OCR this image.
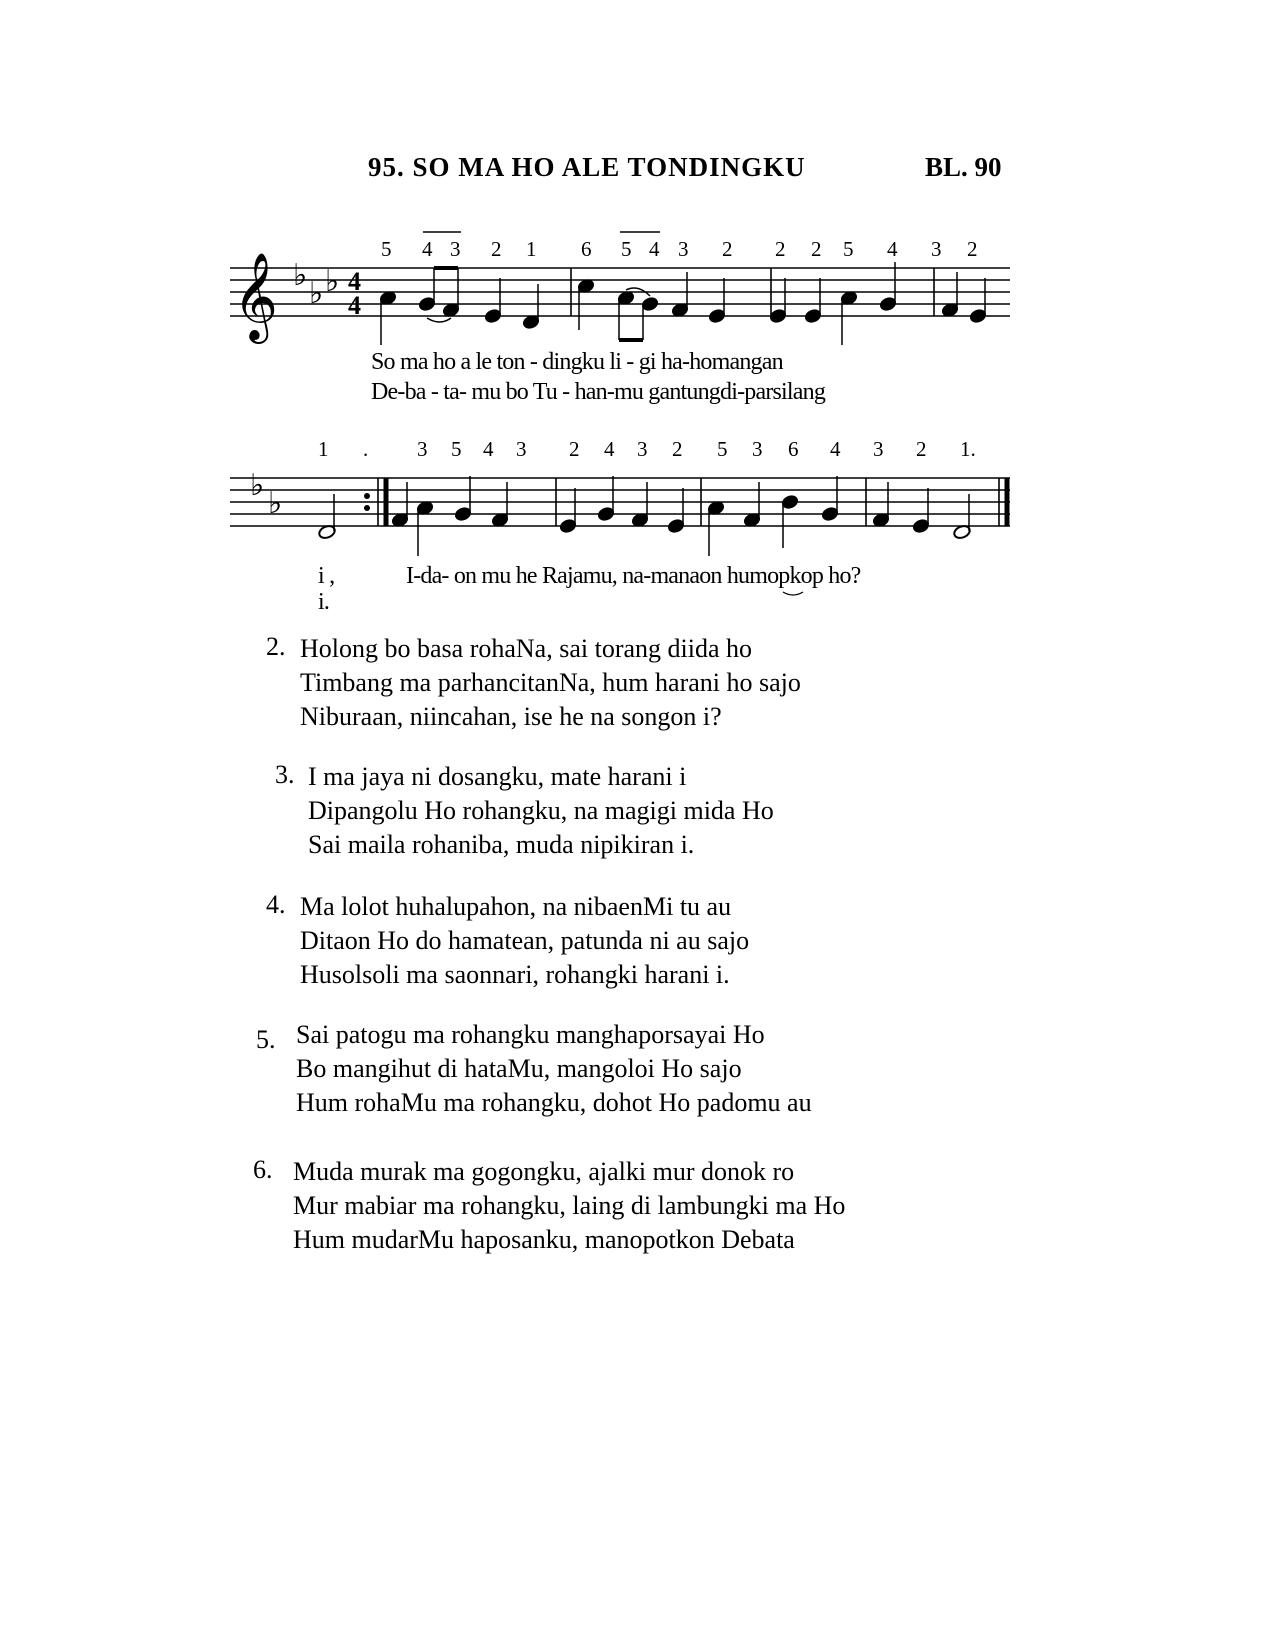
95. SO MA HO ALE TONDINGKU	BL. 90
𝄞 ♭
♭ ♭ 4
4
♭
♭
5 4 3 2 1 6 5 4 3 2 2 2 5 4 3 2
So ma ho a le ton - dingku li - gi ha-homangan
De-ba - ta- mu bo Tu - han-mu gantungdi-parsilang
1 . 3 5 4 3 2 4 3 2 5 3 6 4 3 2 1.
i ,
i.
I-da- on mu he Rajamu, na-manaon humopkop ho?
2. Holong bo basa rohaNa, sai torang diida ho
Timbang ma parhancitanNa, hum harani ho sajo
Niburaan, niincahan, ise he na songon i?
3. I ma jaya ni dosangku, mate harani i
Dipangolu Ho rohangku, na magigi mida Ho
Sai maila rohaniba, muda nipikiran i.
4. Ma lolot huhalupahon, na nibaenMi tu au
Ditaon Ho do hamatean, patunda ni au sajo
Husolsoli ma saonnari, rohangki harani i.
5. Sai patogu ma rohangku manghaporsayai Ho
Bo mangihut di hataMu, mangoloi Ho sajo
Hum rohaMu ma rohangku, dohot Ho padomu au
6. Muda murak ma gogongku, ajalki mur donok ro
Mur mabiar ma rohangku, laing di lambungki ma Ho
Hum mudarMu haposanku, manopotkon Debata
